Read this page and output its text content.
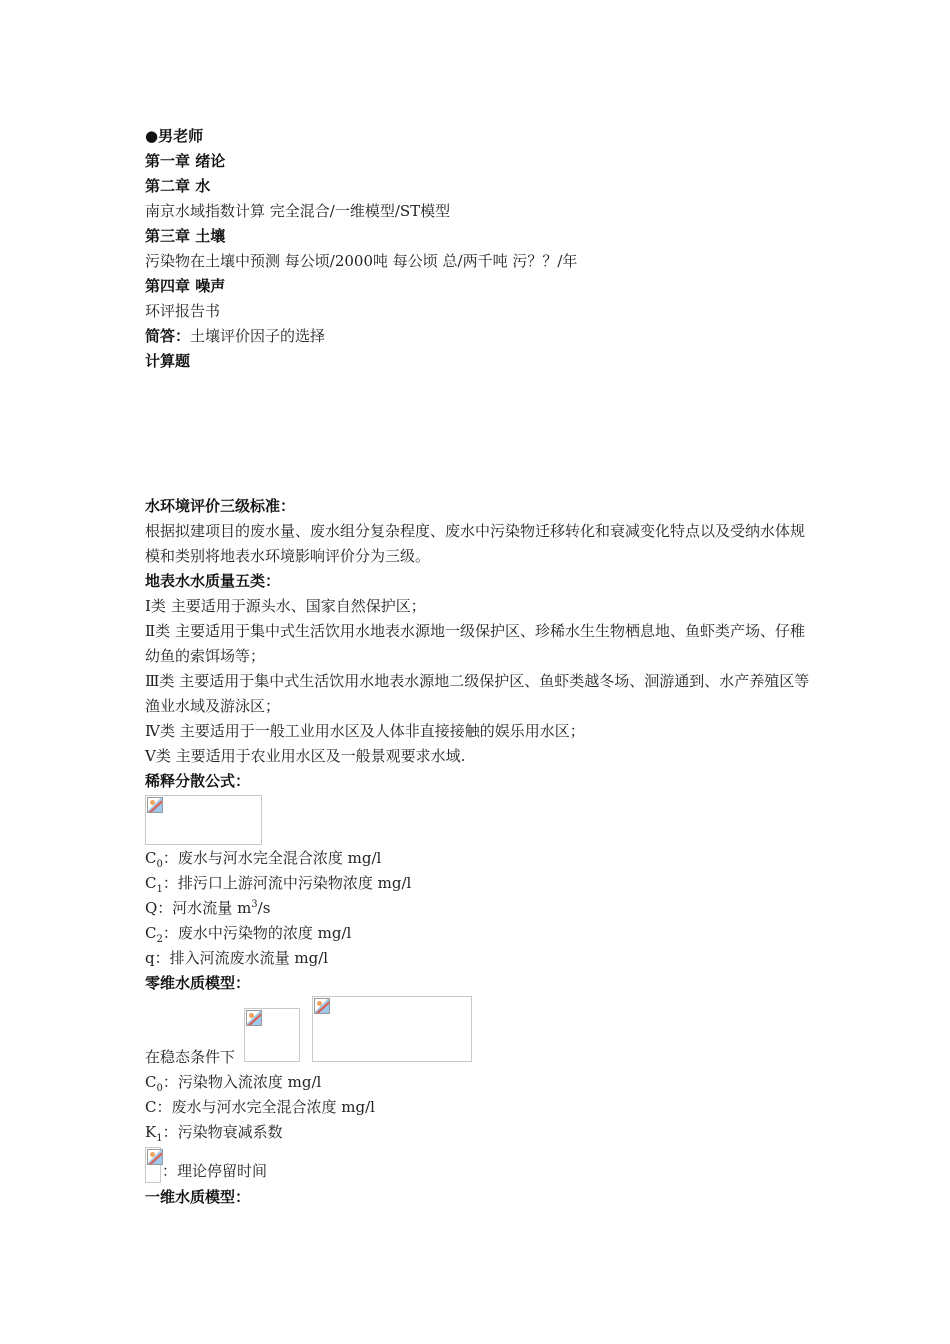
●男老师
第一章 绪论
第二章 水
南京水域指数计算 完全混合/一维模型/ST模型
第三章 土壤
污染物在土壤中预测 每公顷/2000吨 每公顷 总/两千吨 污？？/年
第四章 噪声
环评报告书
简答：土壤评价因子的选择
计算题
水环境评价三级标准：
根据拟建项目的废水量、废水组分复杂程度、废水中污染物迁移转化和衰减变化特点以及受纳水体规模和类别将地表水环境影响评价分为三级。
地表水水质量五类：
Ⅰ类 主要适用于源头水、国家自然保护区；
Ⅱ类 主要适用于集中式生活饮用水地表水源地一级保护区、珍稀水生生物栖息地、鱼虾类产场、仔稚幼鱼的索饵场等；
Ⅲ类 主要适用于集中式生活饮用水地表水源地二级保护区、鱼虾类越冬场、洄游通到、水产养殖区等渔业水域及游泳区；
Ⅳ类 主要适用于一般工业用水区及人体非直接接触的娱乐用水区；
Ⅴ类 主要适用于农业用水区及一般景观要求水域.
稀释分散公式：
$C_0$：废水与河水完全混合浓度 mg/l
$C_1$：排污口上游河流中污染物浓度 mg/l
Q：河水流量 $m^3/s$
$C_2$：废水中污染物的浓度 mg/l
q：排入河流废水流量 mg/l
零维水质模型：
在稳态条件下
$C_0$：污染物入流浓度 mg/l
C：废水与河水完全混合浓度 mg/l
$K_1$：污染物衰减系数
：理论停留时间
一维水质模型：
